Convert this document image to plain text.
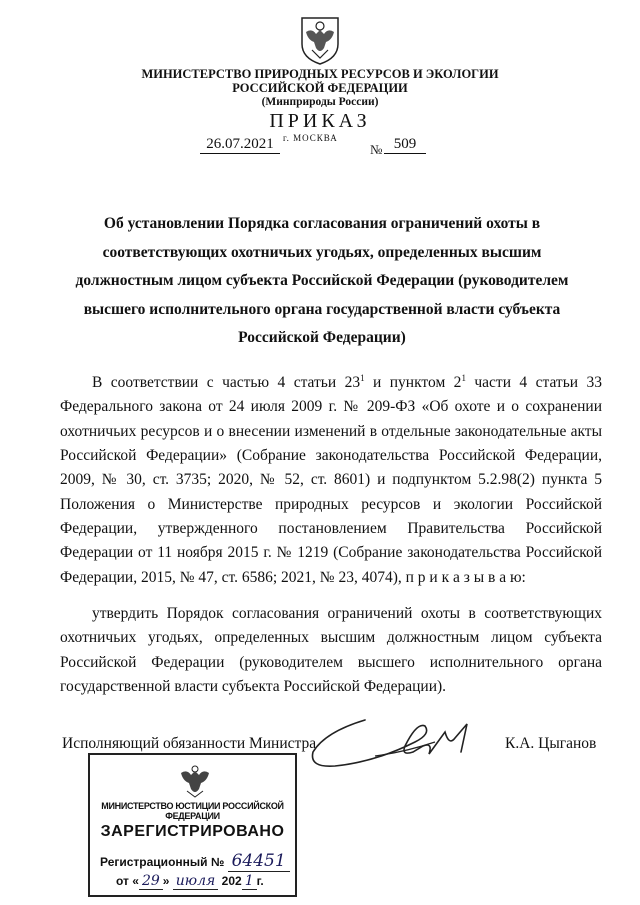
МИНИСТЕРСТВО ПРИРОДНЫХ РЕСУРСОВ И ЭКОЛОГИИ
РОССИЙСКОЙ ФЕДЕРАЦИИ
(Минприроды России)
ПРИКАЗ
26.07.2021	г. МОСКВА
№ 509
Об установлении Порядка согласования ограничений охоты в соответствующих охотничьих угодьях, определенных высшим должностным лицом субъекта Российской Федерации (руководителем высшего исполнительного органа государственной власти субъекта Российской Федерации)

В соответствии с частью 4 статьи $23^1$ и пунктом $2^1$ части 4 статьи 33 Федерального закона от 24 июля 2009 г. № 209-ФЗ «Об охоте и о сохранении охотничьих ресурсов и о внесении изменений в отдельные законодательные акты Российской Федерации» (Собрание законодательства Российской Федерации, 2009, № 30, ст. 3735; 2020, № 52, ст. 8601) и подпунктом 5.2.98(2) пункта 5 Положения о Министерстве природных ресурсов и экологии Российской Федерации, утвержденного постановлением Правительства Российской Федерации от 11 ноября 2015 г. № 1219 (Собрание законодательства Российской Федерации, 2015, № 47, ст. 6586; 2021, № 23, 4074), п р и к а з ы в а ю:

утвердить Порядок согласования ограничений охоты в соответствующих охотничьих угодьях, определенных высшим должностным лицом субъекта Российской Федерации (руководителем высшего исполнительного органа государственной власти субъекта Российской Федерации).

Исполняющий обязанности Министра	К.А. Цыганов
МИНИСТЕРСТВО ЮСТИЦИИ РОССИЙСКОЙ ФЕДЕРАЦИИ
ЗАРЕГИСТРИРОВАНО
Регистрационный № 64451
от « 29 » июля 202 1 г.
